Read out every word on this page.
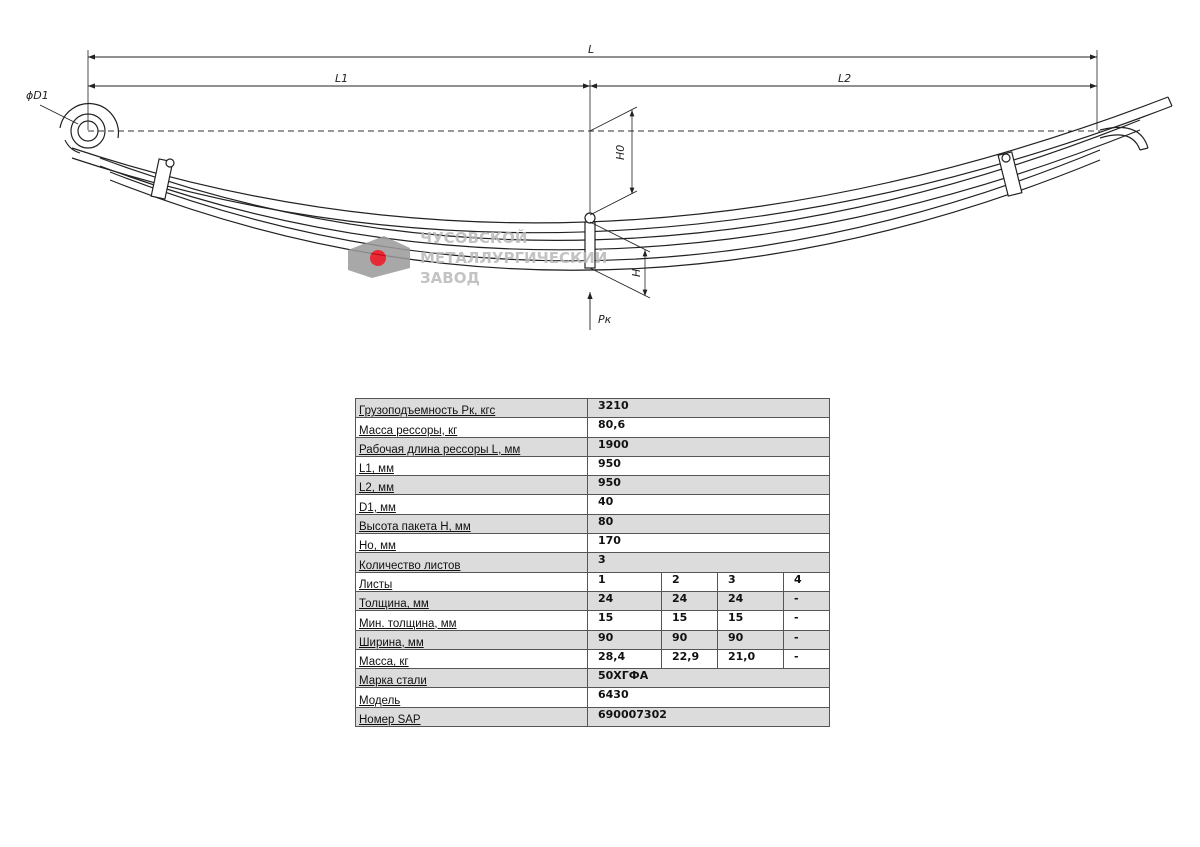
L
L1	L2
ϕD1
H0
H
Pк
ЧУСОВСКОЙ
МЕТАЛЛУРГИЧЕСКИЙ
ЗАВОД
Грузоподъемность Pк, кгс	3210			
Масса рессоры, кг	80,6			
Рабочая длина рессоры L, мм	1900			
L1, мм	950			
L2, мм	950			
D1, мм	40			
Высота пакета H, мм	80			
Hо, мм	170			
Количество листов	3			
Листы	1	2	3	4
Толщина, мм	24	24	24	-
Мин. толщина, мм	15	15	15	-
Ширина, мм	90	90	90	-
Масса, кг	28,4	22,9	21,0	-
Марка стали	50ХГФА			
Модель	6430			
Номер SAP	690007302			
